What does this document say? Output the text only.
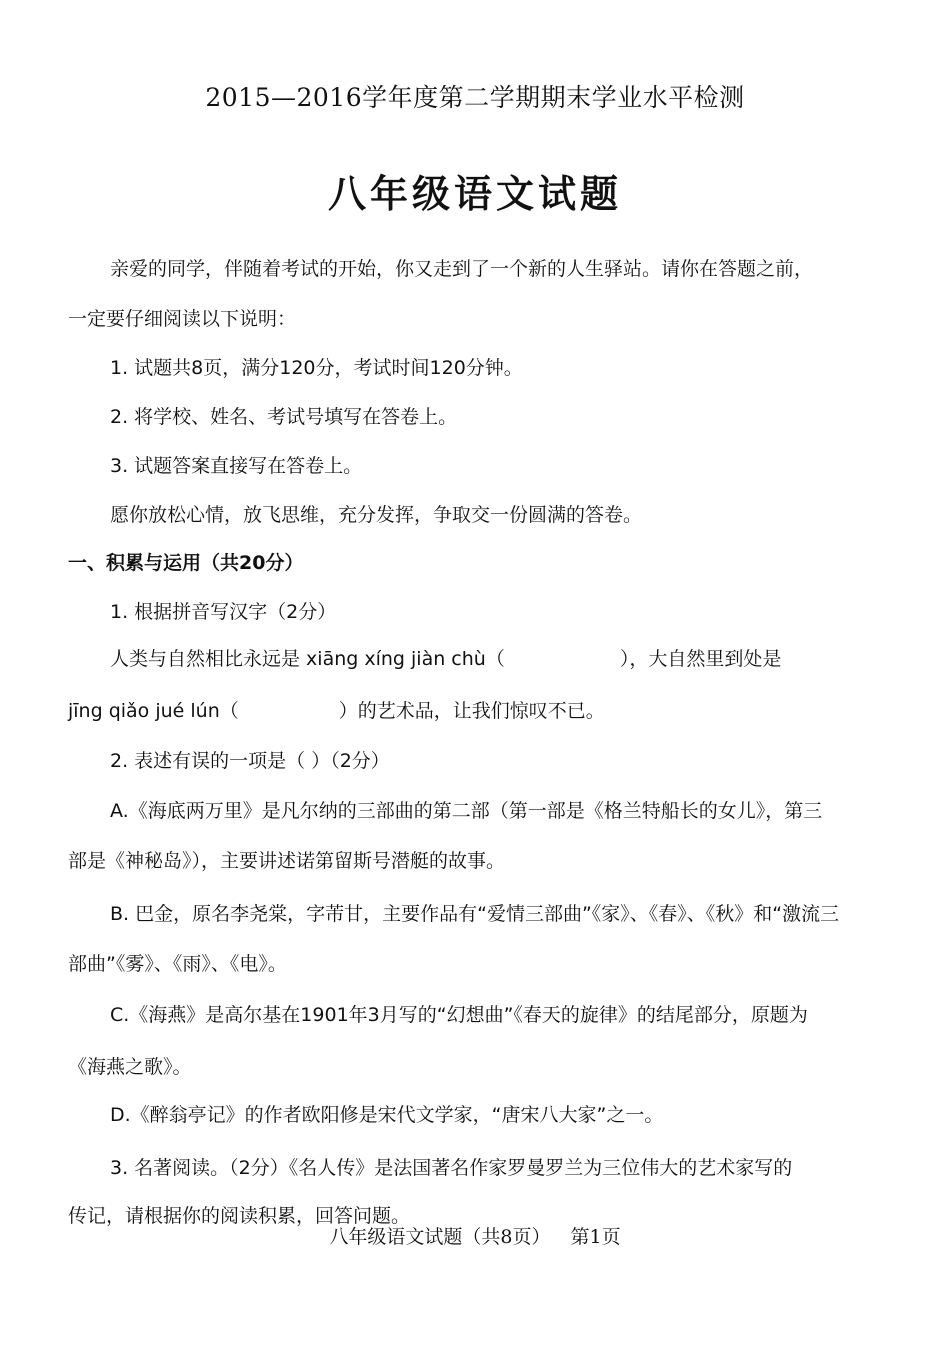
2015—2016学年度第二学期期末学业水平检测
八年级语文试题
亲爱的同学，伴随着考试的开始，你又走到了一个新的人生驿站。请你在答题之前，
一定要仔细阅读以下说明：
1. 试题共8页，满分120分，考试时间120分钟。
2. 将学校、姓名、考试号填写在答卷上。
3. 试题答案直接写在答卷上。
愿你放松心情，放飞思维，充分发挥，争取交一份圆满的答卷。
一、积累与运用（共20分）
1. 根据拼音写汉字（2分）
人类与自然相比永远是 xiāng xíng jiàn chù（	），大自然里到处是
jīng qiǎo jué lún（	）的艺术品，让我们惊叹不已。
2. 表述有误的一项是（ ）（2分）
A.《海底两万里》是凡尔纳的三部曲的第二部（第一部是《格兰特船长的女儿》，第三
部是《神秘岛》），主要讲述诺第留斯号潜艇的故事。
B. 巴金，原名李尧棠，字芾甘，主要作品有“爱情三部曲”《家》、《春》、《秋》和“激流三
部曲”《雾》、《雨》、《电》。
C.《海燕》是高尔基在1901年3月写的“幻想曲”《春天的旋律》的结尾部分，原题为
《海燕之歌》。
D.《醉翁亭记》的作者欧阳修是宋代文学家，“唐宋八大家”之一。
3. 名著阅读。（2分）《名人传》是法国著名作家罗曼罗兰为三位伟大的艺术家写的
传记，请根据你的阅读积累，回答问题。
八年级语文试题（共8页） 第1页
